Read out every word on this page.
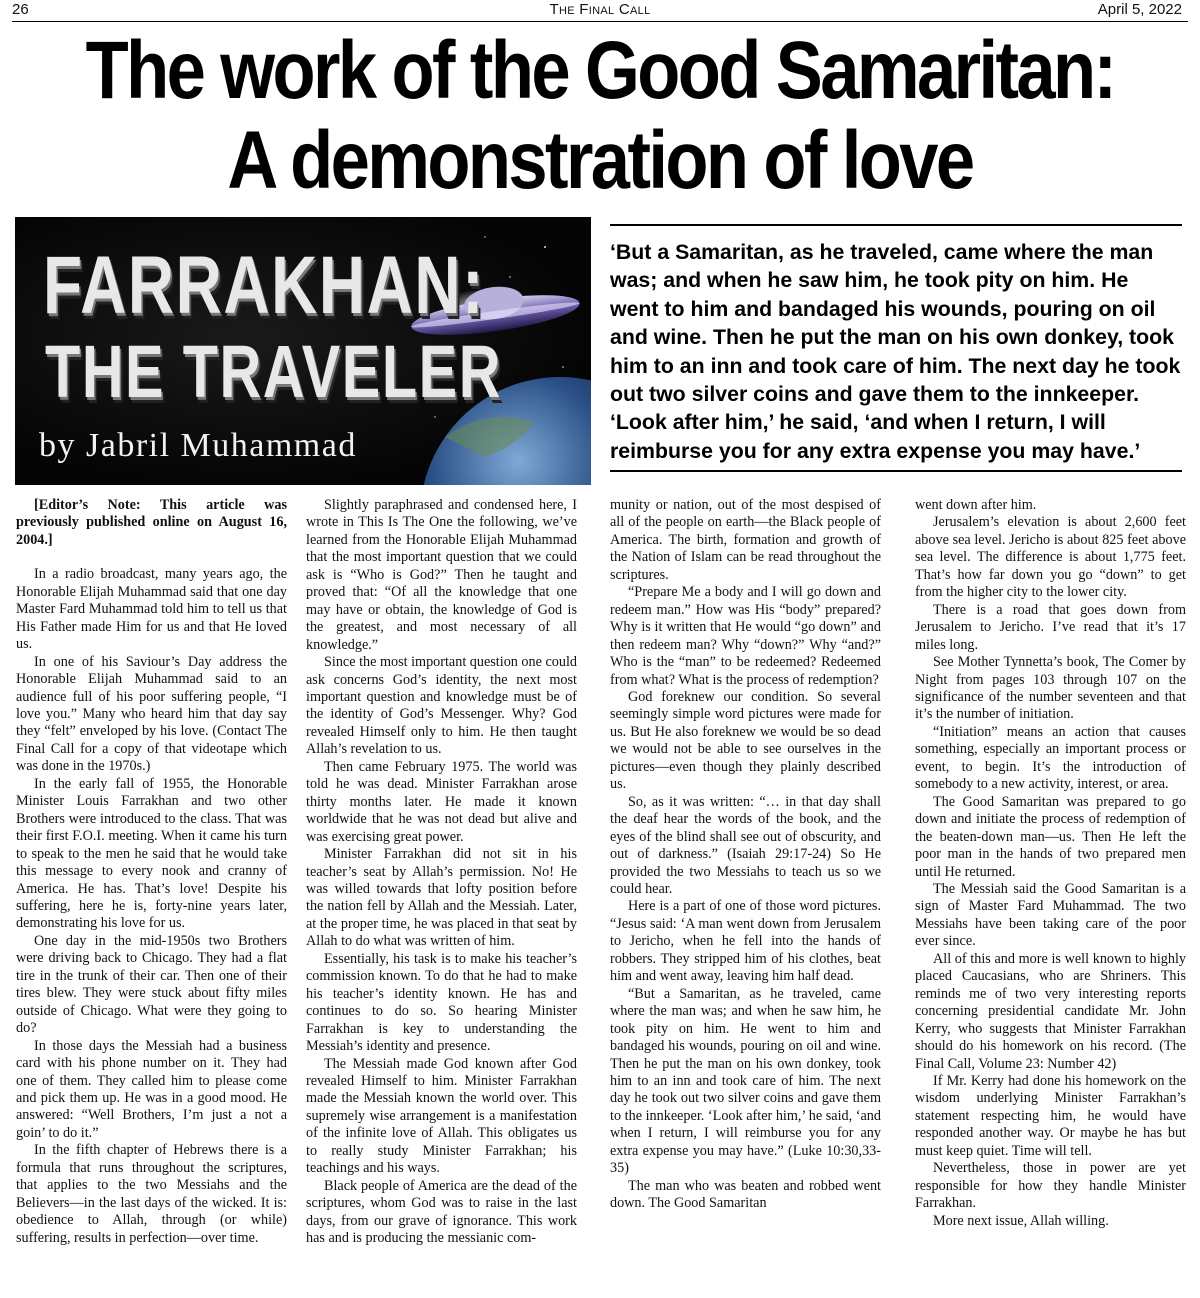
26	The Final Call	April 5, 2022
The work of the Good Samaritan:
A demonstration of love
FARRAKHAN:
THE TRAVELER
by Jabril Muhammad
‘But a Samaritan, as he traveled, came where the man was; and when he saw him, he took pity on him. He went to him and bandaged his wounds, pouring on oil and wine. Then he put the man on his own donkey, took him to an inn and took care of him. The next day he took out two silver coins and gave them to the innkeeper. ‘Look after him,’ he said, ‘and when I return, I will reimburse you for any extra expense you may have.’

[Editor’s Note: This article was previously published online on August 16, 2004.]

In a radio broadcast, many years ago, the Honorable Elijah Muhammad said that one day Master Fard Muhammad told him to tell us that His Father made Him for us and that He loved us.

In one of his Saviour’s Day address the Honorable Elijah Muhammad said to an audience full of his poor suffering people, “I love you.” Many who heard him that day say they “felt” enveloped by his love. (Contact The Final Call for a copy of that videotape which was done in the 1970s.)

In the early fall of 1955, the Honorable Minister Louis Farrakhan and two other Brothers were introduced to the class. That was their first F.O.I. meeting. When it came his turn to speak to the men he said that he would take this message to every nook and cranny of America. He has. That’s love! Despite his suffering, here he is, forty-nine years later, demonstrating his love for us.

One day in the mid-1950s two Brothers were driving back to Chicago. They had a flat tire in the trunk of their car. Then one of their tires blew. They were stuck about fifty miles outside of Chicago. What were they going to do?

In those days the Messiah had a business card with his phone number on it. They had one of them. They called him to please come and pick them up. He was in a good mood. He answered: “Well Brothers, I’m just a not a goin’ to do it.”

In the fifth chapter of Hebrews there is a formula that runs throughout the scriptures, that applies to the two Messiahs and the Believers—in the last days of the wicked. It is: obedience to Allah, through (or while) suffering, results in perfection—over time.

Slightly paraphrased and condensed here, I wrote in This Is The One the following, we’ve learned from the Honorable Elijah Muhammad that the most important question that we could ask is “Who is God?” Then he taught and proved that: “Of all the knowledge that one may have or obtain, the knowledge of God is the greatest, and most necessary of all knowledge.”

Since the most important question one could ask concerns God’s identity, the next most important question and knowledge must be of the identity of God’s Messenger. Why? God revealed Himself only to him. He then taught Allah’s revelation to us.

Then came February 1975. The world was told he was dead. Minister Farrakhan arose thirty months later. He made it known worldwide that he was not dead but alive and was exercising great power.

Minister Farrakhan did not sit in his teacher’s seat by Allah’s permission. No! He was willed towards that lofty position before the nation fell by Allah and the Messiah. Later, at the proper time, he was placed in that seat by Allah to do what was written of him.

Essentially, his task is to make his teacher’s commission known. To do that he had to make his teacher’s identity known. He has and continues to do so. So hearing Minister Farrakhan is key to understanding the Messiah’s identity and presence.

The Messiah made God known after God revealed Himself to him. Minister Farrakhan made the Messiah known the world over. This supremely wise arrangement is a manifestation of the infinite love of Allah. This obligates us to really study Minister Farrakhan; his teachings and his ways.

Black people of America are the dead of the scriptures, whom God was to raise in the last days, from our grave of ignorance. This work has and is producing the messianic com-

munity or nation, out of the most despised of all of the people on earth—the Black people of America. The birth, formation and growth of the Nation of Islam can be read throughout the scriptures.

“Prepare Me a body and I will go down and redeem man.” How was His “body” prepared? Why is it written that He would “go down” and then redeem man? Why “down?” Why “and?” Who is the “man” to be redeemed? Redeemed from what? What is the process of redemption?

God foreknew our condition. So several seemingly simple word pictures were made for us. But He also foreknew we would be so dead we would not be able to see ourselves in the pictures—even though they plainly described us.

So, as it was written: “… in that day shall the deaf hear the words of the book, and the eyes of the blind shall see out of obscurity, and out of darkness.” (Isaiah 29:17-24) So He provided the two Messiahs to teach us so we could hear.

Here is a part of one of those word pictures. “Jesus said: ‘A man went down from Jerusalem to Jericho, when he fell into the hands of robbers. They stripped him of his clothes, beat him and went away, leaving him half dead.

“But a Samaritan, as he traveled, came where the man was; and when he saw him, he took pity on him. He went to him and bandaged his wounds, pouring on oil and wine. Then he put the man on his own donkey, took him to an inn and took care of him. The next day he took out two silver coins and gave them to the innkeeper. ‘Look after him,’ he said, ‘and when I return, I will reimburse you for any extra expense you may have.” (Luke 10:30,33-35)

The man who was beaten and robbed went down. The Good Samaritan

went down after him.

Jerusalem’s elevation is about 2,600 feet above sea level. Jericho is about 825 feet above sea level. The difference is about 1,775 feet. That’s how far down you go “down” to get from the higher city to the lower city.

There is a road that goes down from Jerusalem to Jericho. I’ve read that it’s 17 miles long.

See Mother Tynnetta’s book, The Comer by Night from pages 103 through 107 on the significance of the number seventeen and that it’s the number of initiation.

“Initiation” means an action that causes something, especially an important process or event, to begin. It’s the introduction of somebody to a new activity, interest, or area.

The Good Samaritan was prepared to go down and initiate the process of redemption of the beaten-down man—us. Then He left the poor man in the hands of two prepared men until He returned.

The Messiah said the Good Samaritan is a sign of Master Fard Muhammad. The two Messiahs have been taking care of the poor ever since.

All of this and more is well known to highly placed Caucasians, who are Shriners. This reminds me of two very interesting reports concerning presidential candidate Mr. John Kerry, who suggests that Minister Farrakhan should do his homework on his record. (The Final Call, Volume 23: Number 42)

If Mr. Kerry had done his homework on the wisdom underlying Minister Farrakhan’s statement respecting him, he would have responded another way. Or maybe he has but must keep quiet. Time will tell.

Nevertheless, those in power are yet responsible for how they handle Minister Farrakhan.

More next issue, Allah willing.
